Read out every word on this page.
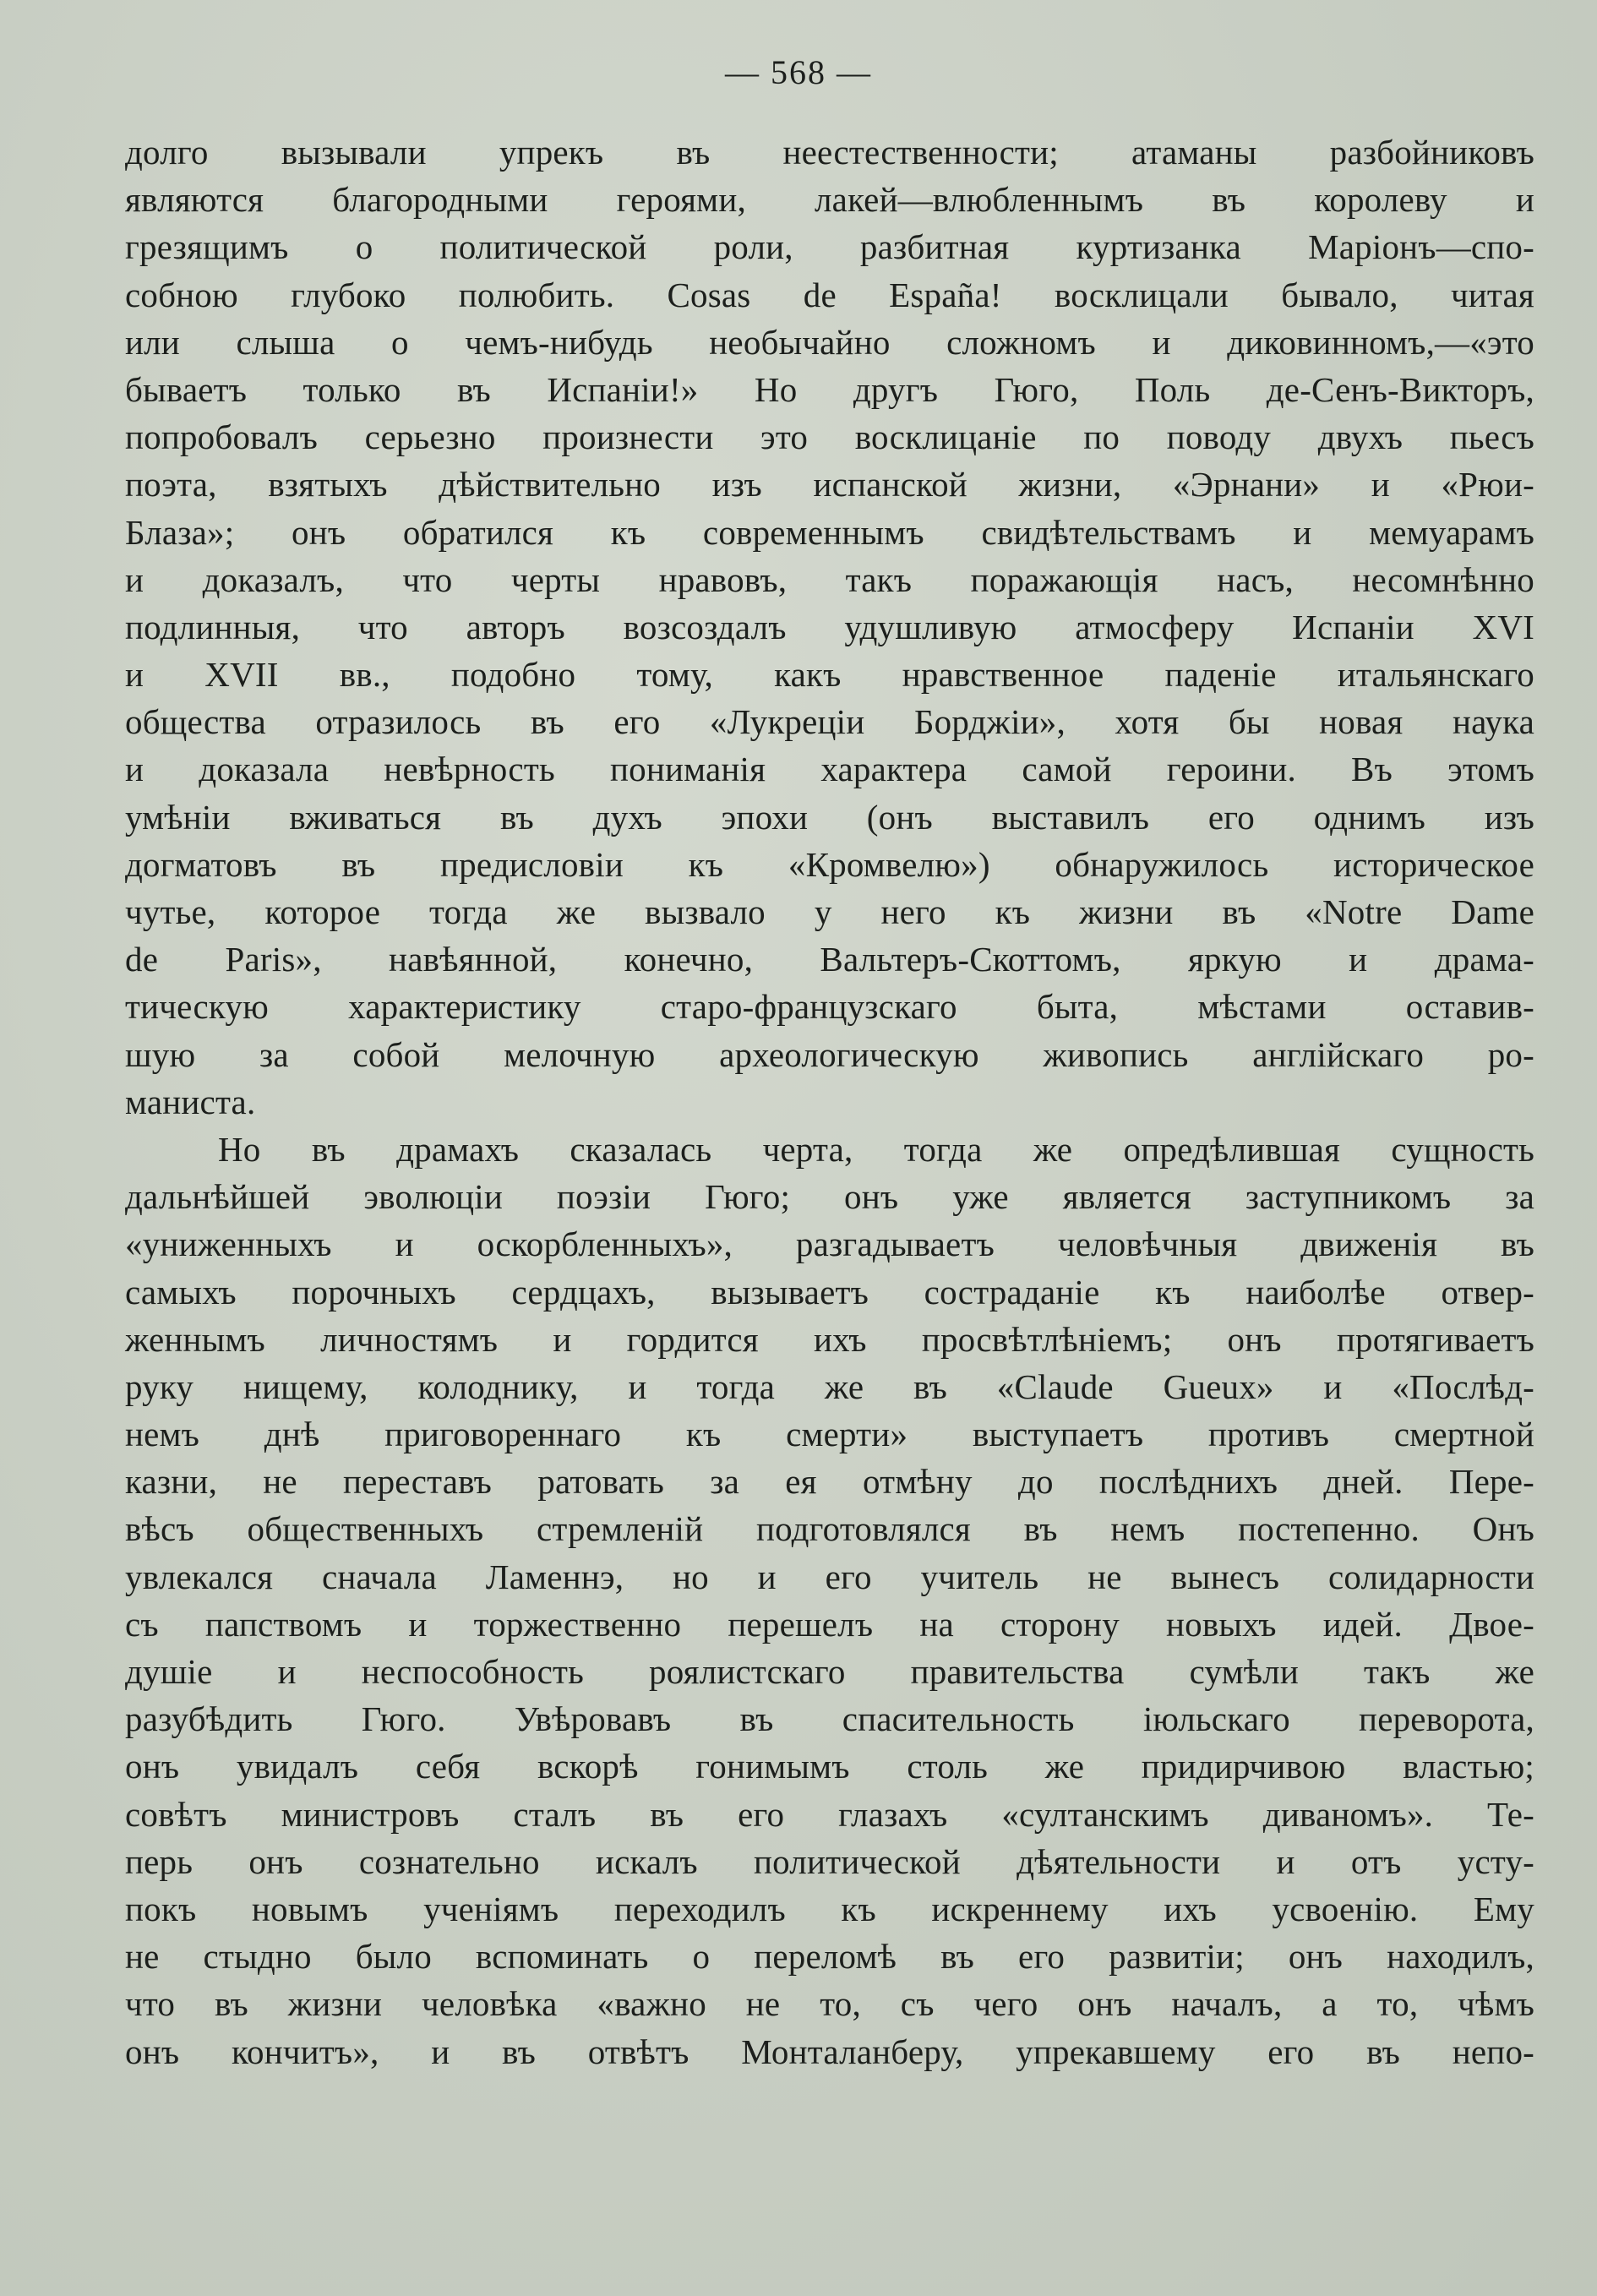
— 568 —
долго вызывали упрекъ въ неестественности; атаманы разбойниковъ
являются благородными героями, лакей—влюбленнымъ въ королеву и
грезящимъ о политической роли, разбитная куртизанка Маріонъ—спо-
собною глубоко полюбить. Cosas de España! восклицали бывало, читая
или слыша о чемъ-нибудь необычайно сложномъ и диковинномъ,—«это
бываетъ только въ Испаніи!» Но другъ Гюго, Поль де-Сенъ-Викторъ,
попробовалъ серьезно произнести это восклицаніе по поводу двухъ пьесъ
поэта, взятыхъ дѣйствительно изъ испанской жизни, «Эрнани» и «Рюи-
Блаза»; онъ обратился къ современнымъ свидѣтельствамъ и мемуарамъ
и доказалъ, что черты нравовъ, такъ поражающія насъ, несомнѣнно
подлинныя, что авторъ возсоздалъ удушливую атмосферу Испаніи XVI
и XVII вв., подобно тому, какъ нравственное паденіе итальянскаго
общества отразилось въ его «Лукреціи Борджіи», хотя бы новая наука
и доказала невѣрность пониманія характера самой героини. Въ этомъ
умѣніи вживаться въ духъ эпохи (онъ выставилъ его однимъ изъ
догматовъ въ предисловіи къ «Кромвелю») обнаружилось историческое
чутье, которое тогда же вызвало у него къ жизни въ «Notre Dame
de Paris», навѣянной, конечно, Вальтеръ-Скоттомъ, яркую и драма-
тическую характеристику старо-французскаго быта, мѣстами оставив-
шую за собой мелочную археологическую живопись англійскаго ро-
маниста.
Но въ драмахъ сказалась черта, тогда же опредѣлившая сущность
дальнѣйшей эволюціи поэзіи Гюго; онъ уже является заступникомъ за
«униженныхъ и оскорбленныхъ», разгадываетъ человѣчныя движенія въ
самыхъ порочныхъ сердцахъ, вызываетъ состраданіе къ наиболѣе отвер-
женнымъ личностямъ и гордится ихъ просвѣтлѣніемъ; онъ протягиваетъ
руку нищему, колоднику, и тогда же въ «Claude Gueux» и «Послѣд-
немъ днѣ приговореннаго къ смерти» выступаетъ противъ смертной
казни, не переставъ ратовать за ея отмѣну до послѣднихъ дней. Пере-
вѣсъ общественныхъ стремленій подготовлялся въ немъ постепенно. Онъ
увлекался сначала Ламеннэ, но и его учитель не вынесъ солидарности
съ папствомъ и торжественно перешелъ на сторону новыхъ идей. Двое-
душіе и неспособность роялистскаго правительства сумѣли такъ же
разубѣдить Гюго. Увѣровавъ въ спасительность іюльскаго переворота,
онъ увидалъ себя вскорѣ гонимымъ столь же придирчивою властью;
совѣтъ министровъ сталъ въ его глазахъ «султанскимъ диваномъ». Те-
перь онъ сознательно искалъ политической дѣятельности и отъ усту-
покъ новымъ ученіямъ переходилъ къ искреннему ихъ усвоенію. Ему
не стыдно было вспоминать о переломѣ въ его развитіи; онъ находилъ,
что въ жизни человѣка «важно не то, съ чего онъ началъ, а то, чѣмъ
онъ кончитъ», и въ отвѣтъ Монталанберу, упрекавшему его въ непо-
